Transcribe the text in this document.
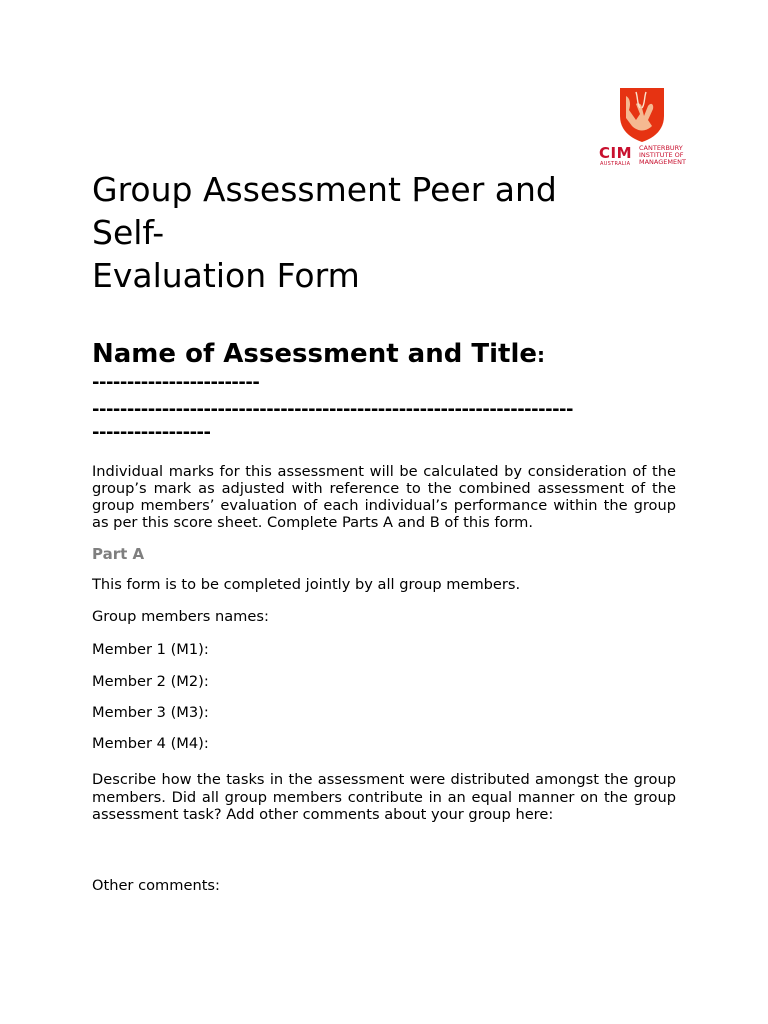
CIM
AUSTRALIA
CANTERBURY
INSTITUTE OF
MANAGEMENT
Group Assessment Peer and
Self-
Evaluation Form
Name of Assessment and Title:
------------------------
---------------------------------------------------------------------
-----------------

Individual marks for this assessment will be calculated by consideration of the group’s mark as adjusted with reference to the combined assessment of the group members’ evaluation of each individual’s performance within the group as per this score sheet. Complete Parts A and B of this form.

Part A
This form is to be completed jointly by all group members.
Group members names:
Member 1 (M1):
Member 2 (M2):
Member 3 (M3):
Member 4 (M4):

Describe how the tasks in the assessment were distributed amongst the group members. Did all group members contribute in an equal manner on the group assessment task? Add other comments about your group here:

Other comments:
